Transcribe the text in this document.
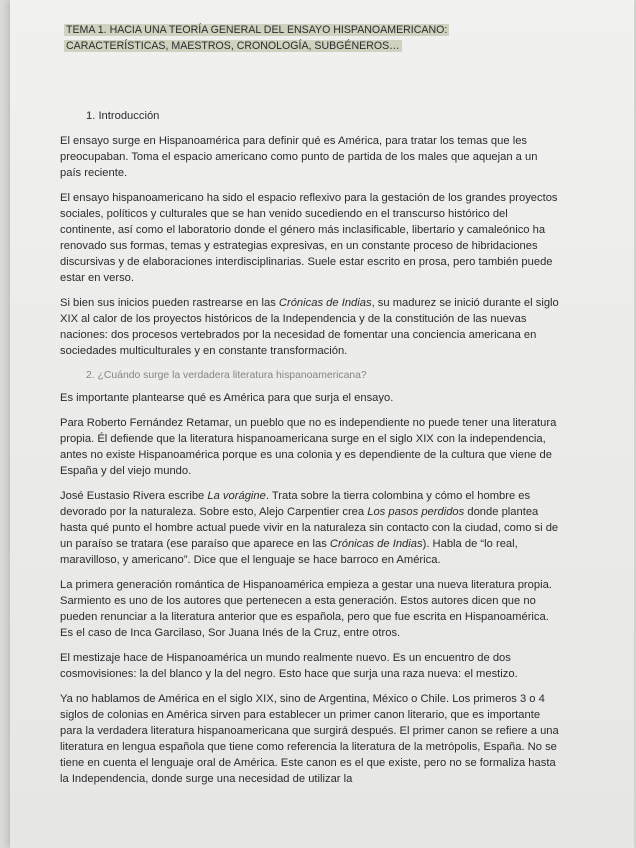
TEMA 1. HACIA UNA TEORÍA GENERAL DEL ENSAYO HISPANOAMERICANO:
CARACTERÍSTICAS, MAESTROS, CRONOLOGÍA, SUBGÉNEROS…
1. Introducción

El ensayo surge en Hispanoamérica para definir qué es América, para tratar los temas que les preocupaban. Toma el espacio americano como punto de partida de los males que aquejan a un país reciente.

El ensayo hispanoamericano ha sido el espacio reflexivo para la gestación de los grandes proyectos sociales, políticos y culturales que se han venido sucediendo en el transcurso histórico del continente, así como el laboratorio donde el género más inclasificable, libertario y camaleónico ha renovado sus formas, temas y estrategias expresivas, en un constante proceso de hibridaciones discursivas y de elaboraciones interdisciplinarias. Suele estar escrito en prosa, pero también puede estar en verso.

Si bien sus inicios pueden rastrearse en las Crónicas de Indias, su madurez se inició durante el siglo XIX al calor de los proyectos históricos de la Independencia y de la constitución de las nuevas naciones: dos procesos vertebrados por la necesidad de fomentar una conciencia americana en sociedades multiculturales y en constante transformación.

2. ¿Cuándo surge la verdadera literatura hispanoamericana?

Es importante plantearse qué es América para que surja el ensayo.

Para Roberto Fernández Retamar, un pueblo que no es independiente no puede tener una literatura propia. Él defiende que la literatura hispanoamericana surge en el siglo XIX con la independencia, antes no existe Hispanoamérica porque es una colonia y es dependiente de la cultura que viene de España y del viejo mundo.

José Eustasio Rivera escribe La vorágine. Trata sobre la tierra colombina y cómo el hombre es devorado por la naturaleza. Sobre esto, Alejo Carpentier crea Los pasos perdidos donde plantea hasta qué punto el hombre actual puede vivir en la naturaleza sin contacto con la ciudad, como si de un paraíso se tratara (ese paraíso que aparece en las Crónicas de Indias). Habla de “lo real, maravilloso, y americano”. Dice que el lenguaje se hace barroco en América.

La primera generación romántica de Hispanoamérica empieza a gestar una nueva literatura propia. Sarmiento es uno de los autores que pertenecen a esta generación. Estos autores dicen que no pueden renunciar a la literatura anterior que es española, pero que fue escrita en Hispanoamérica. Es el caso de Inca Garcilaso, Sor Juana Inés de la Cruz, entre otros.

El mestizaje hace de Hispanoamérica un mundo realmente nuevo. Es un encuentro de dos cosmovisiones: la del blanco y la del negro. Esto hace que surja una raza nueva: el mestizo.

Ya no hablamos de América en el siglo XIX, sino de Argentina, México o Chile. Los primeros 3 o 4 siglos de colonias en América sirven para establecer un primer canon literario, que es importante para la verdadera literatura hispanoamericana que surgirá después. El primer canon se refiere a una literatura en lengua española que tiene como referencia la literatura de la metrópolis, España. No se tiene en cuenta el lenguaje oral de América. Este canon es el que existe, pero no se formaliza hasta la Independencia, donde surge una necesidad de utilizar la
